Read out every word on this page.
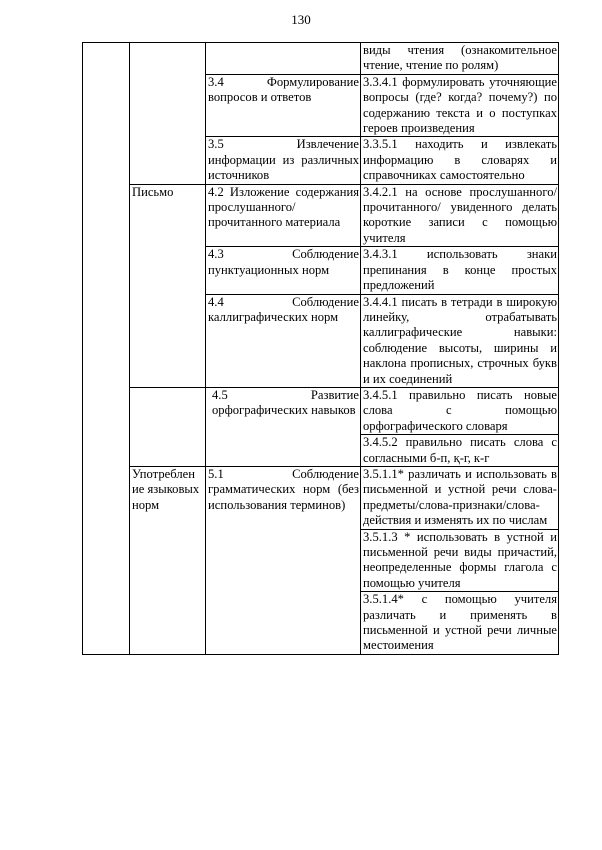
130
			виды чтения (ознакомительное чтение, чтение по ролям)
		3.4 Формулирование вопросов и ответов	3.3.4.1 формулировать уточняющие вопросы (где? когда? почему?) по содержанию текста и о поступках героев произведения
		3.5 Извлечение информации из различных источников	3.3.5.1 находить и извлекать информацию в словарях и справочниках самостоятельно
	Письмо	4.2 Изложение содержания прослушанного/прочитанного материала	3.4.2.1 на основе прослушанного/ прочитанного/ увиденного делать короткие записи с помощью учителя
		4.3 Соблюдение пунктуационных норм	3.4.3.1 использовать знаки препинания в конце простых предложений
		4.4 Соблюдение каллиграфических норм	3.4.4.1 писать в тетради в широкую линейку, отрабатывать каллиграфические навыки: соблюдение высоты, ширины и наклона прописных, строчных букв и их соединений
		4.5 Развитие орфографических навыков	3.4.5.1 правильно писать новые слова с помощью орфографического словаря
			3.4.5.2 правильно писать слова с согласными б-п, қ-г, к-г
	Употреблен ие языковых норм	5.1 Соблюдение грамматических норм (без использования терминов)	3.5.1.1* различать и использовать в письменной и устной речи слова-предметы/слова-признаки/слова-действия и изменять их по числам
			3.5.1.3 * использовать в устной и письменной речи виды причастий, неопределенные формы глагола с помощью учителя
			3.5.1.4* с помощью учителя различать и применять в письменной и устной речи личные местоимения
